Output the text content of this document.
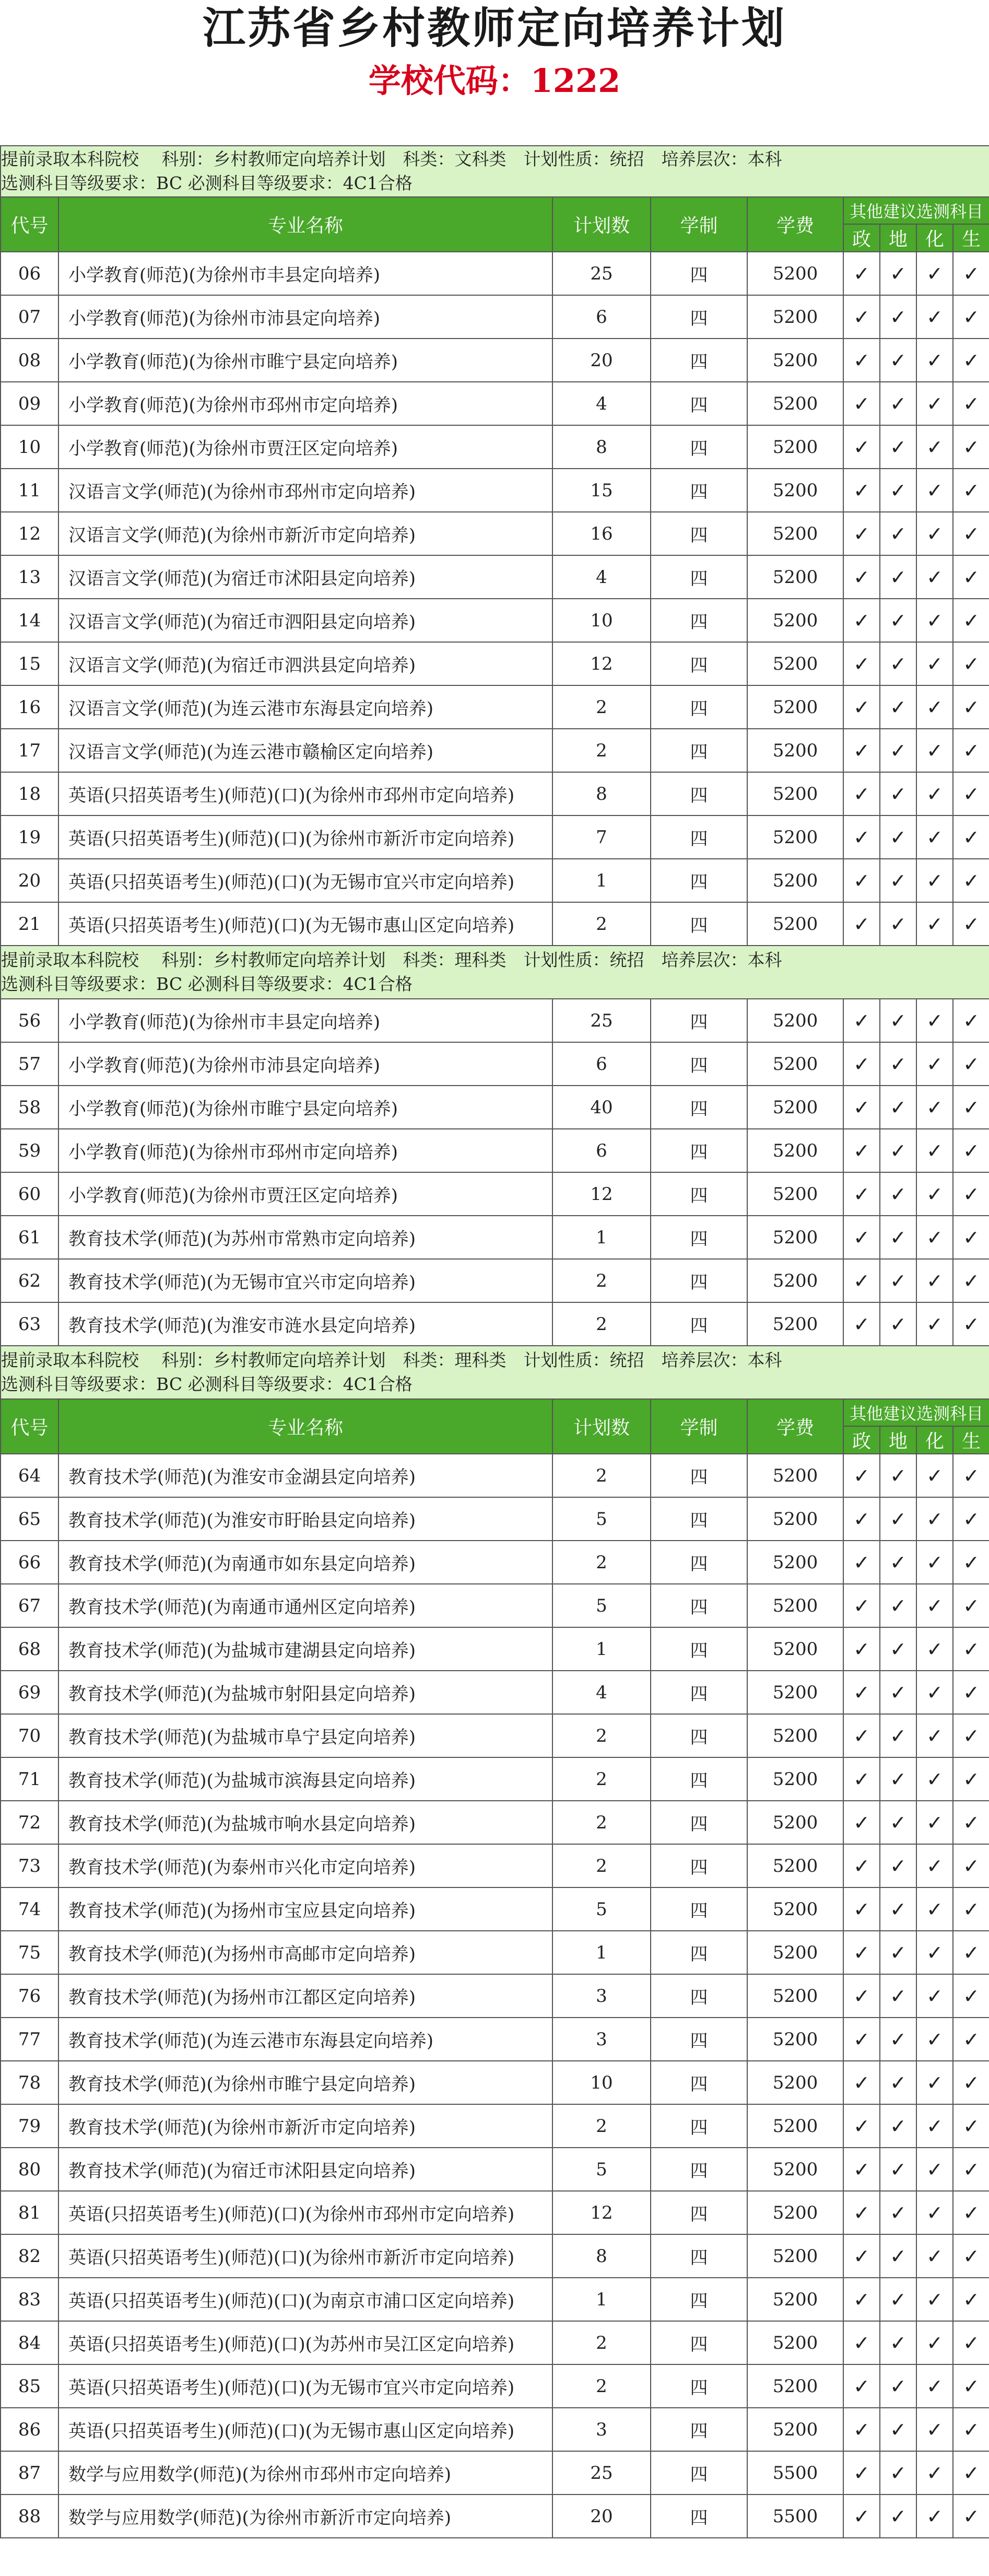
江苏省乡村教师定向培养计划
学校代码：1222
提前录取本科院校　 科别：乡村教师定向培养计划　科类：文科类　计划性质：统招　培养层次：本科
选测科目等级要求：BC 必测科目等级要求：4C1合格								

代号	专业名称	计划数	学制	学费	其他建议选测科目			
					政	地	化	生
06	小学教育(师范)(为徐州市丰县定向培养)	25	四	5200	✓	✓	✓	✓
07	小学教育(师范)(为徐州市沛县定向培养)	6	四	5200	✓	✓	✓	✓
08	小学教育(师范)(为徐州市睢宁县定向培养)	20	四	5200	✓	✓	✓	✓
09	小学教育(师范)(为徐州市邳州市定向培养)	4	四	5200	✓	✓	✓	✓
10	小学教育(师范)(为徐州市贾汪区定向培养)	8	四	5200	✓	✓	✓	✓
11	汉语言文学(师范)(为徐州市邳州市定向培养)	15	四	5200	✓	✓	✓	✓
12	汉语言文学(师范)(为徐州市新沂市定向培养)	16	四	5200	✓	✓	✓	✓
13	汉语言文学(师范)(为宿迁市沭阳县定向培养)	4	四	5200	✓	✓	✓	✓
14	汉语言文学(师范)(为宿迁市泗阳县定向培养)	10	四	5200	✓	✓	✓	✓
15	汉语言文学(师范)(为宿迁市泗洪县定向培养)	12	四	5200	✓	✓	✓	✓
16	汉语言文学(师范)(为连云港市东海县定向培养)	2	四	5200	✓	✓	✓	✓
17	汉语言文学(师范)(为连云港市赣榆区定向培养)	2	四	5200	✓	✓	✓	✓
18	英语(只招英语考生)(师范)(口)(为徐州市邳州市定向培养)	8	四	5200	✓	✓	✓	✓
19	英语(只招英语考生)(师范)(口)(为徐州市新沂市定向培养)	7	四	5200	✓	✓	✓	✓
20	英语(只招英语考生)(师范)(口)(为无锡市宜兴市定向培养)	1	四	5200	✓	✓	✓	✓
21	英语(只招英语考生)(师范)(口)(为无锡市惠山区定向培养)	2	四	5200	✓	✓	✓	✓

提前录取本科院校　 科别：乡村教师定向培养计划　科类：理科类　计划性质：统招　培养层次：本科
选测科目等级要求：BC 必测科目等级要求：4C1合格								

56	小学教育(师范)(为徐州市丰县定向培养)	25	四	5200	✓	✓	✓	✓
57	小学教育(师范)(为徐州市沛县定向培养)	6	四	5200	✓	✓	✓	✓
58	小学教育(师范)(为徐州市睢宁县定向培养)	40	四	5200	✓	✓	✓	✓
59	小学教育(师范)(为徐州市邳州市定向培养)	6	四	5200	✓	✓	✓	✓
60	小学教育(师范)(为徐州市贾汪区定向培养)	12	四	5200	✓	✓	✓	✓
61	教育技术学(师范)(为苏州市常熟市定向培养)	1	四	5200	✓	✓	✓	✓
62	教育技术学(师范)(为无锡市宜兴市定向培养)	2	四	5200	✓	✓	✓	✓
63	教育技术学(师范)(为淮安市涟水县定向培养)	2	四	5200	✓	✓	✓	✓

提前录取本科院校　 科别：乡村教师定向培养计划　科类：理科类　计划性质：统招　培养层次：本科
选测科目等级要求：BC 必测科目等级要求：4C1合格								

代号	专业名称	计划数	学制	学费	其他建议选测科目			
					政	地	化	生
64	教育技术学(师范)(为淮安市金湖县定向培养)	2	四	5200	✓	✓	✓	✓
65	教育技术学(师范)(为淮安市盱眙县定向培养)	5	四	5200	✓	✓	✓	✓
66	教育技术学(师范)(为南通市如东县定向培养)	2	四	5200	✓	✓	✓	✓
67	教育技术学(师范)(为南通市通州区定向培养)	5	四	5200	✓	✓	✓	✓
68	教育技术学(师范)(为盐城市建湖县定向培养)	1	四	5200	✓	✓	✓	✓
69	教育技术学(师范)(为盐城市射阳县定向培养)	4	四	5200	✓	✓	✓	✓
70	教育技术学(师范)(为盐城市阜宁县定向培养)	2	四	5200	✓	✓	✓	✓
71	教育技术学(师范)(为盐城市滨海县定向培养)	2	四	5200	✓	✓	✓	✓
72	教育技术学(师范)(为盐城市响水县定向培养)	2	四	5200	✓	✓	✓	✓
73	教育技术学(师范)(为泰州市兴化市定向培养)	2	四	5200	✓	✓	✓	✓
74	教育技术学(师范)(为扬州市宝应县定向培养)	5	四	5200	✓	✓	✓	✓
75	教育技术学(师范)(为扬州市高邮市定向培养)	1	四	5200	✓	✓	✓	✓
76	教育技术学(师范)(为扬州市江都区定向培养)	3	四	5200	✓	✓	✓	✓
77	教育技术学(师范)(为连云港市东海县定向培养)	3	四	5200	✓	✓	✓	✓
78	教育技术学(师范)(为徐州市睢宁县定向培养)	10	四	5200	✓	✓	✓	✓
79	教育技术学(师范)(为徐州市新沂市定向培养)	2	四	5200	✓	✓	✓	✓
80	教育技术学(师范)(为宿迁市沭阳县定向培养)	5	四	5200	✓	✓	✓	✓
81	英语(只招英语考生)(师范)(口)(为徐州市邳州市定向培养)	12	四	5200	✓	✓	✓	✓
82	英语(只招英语考生)(师范)(口)(为徐州市新沂市定向培养)	8	四	5200	✓	✓	✓	✓
83	英语(只招英语考生)(师范)(口)(为南京市浦口区定向培养)	1	四	5200	✓	✓	✓	✓
84	英语(只招英语考生)(师范)(口)(为苏州市吴江区定向培养)	2	四	5200	✓	✓	✓	✓
85	英语(只招英语考生)(师范)(口)(为无锡市宜兴市定向培养)	2	四	5200	✓	✓	✓	✓
86	英语(只招英语考生)(师范)(口)(为无锡市惠山区定向培养)	3	四	5200	✓	✓	✓	✓
87	数学与应用数学(师范)(为徐州市邳州市定向培养)	25	四	5500	✓	✓	✓	✓
88	数学与应用数学(师范)(为徐州市新沂市定向培养)	20	四	5500	✓	✓	✓	✓
